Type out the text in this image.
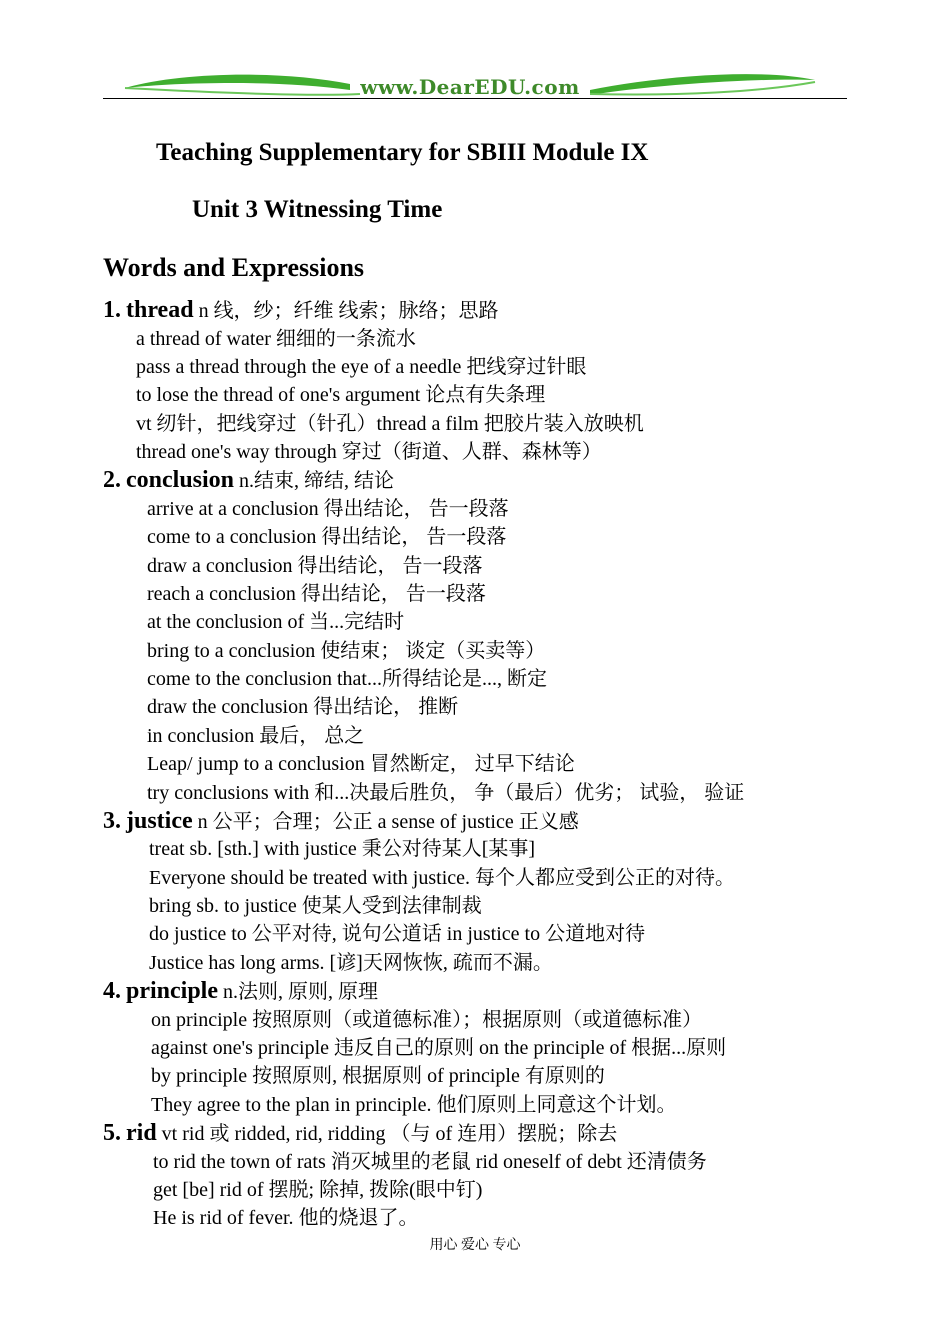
www.DearEDU.com
Teaching Supplementary for SBIII Module IX
Unit 3 Witnessing Time
Words and Expressions
1. thread n 线，纱；纤维 线索；脉络；思路
a thread of water 细细的一条流水
pass a thread through the eye of a needle 把线穿过针眼
to lose the thread of one's argument 论点有失条理
vt 纫针，把线穿过（针孔）thread a film 把胶片装入放映机
thread one's way through 穿过（街道、人群、森林等）
2. conclusion n.结束, 缔结, 结论
arrive at a conclusion 得出结论， 告一段落
come to a conclusion 得出结论， 告一段落
draw a conclusion 得出结论， 告一段落
reach a conclusion 得出结论， 告一段落
at the conclusion of 当...完结时
bring to a conclusion 使结束； 谈定（买卖等）
come to the conclusion that...所得结论是..., 断定
draw the conclusion 得出结论， 推断
in conclusion 最后， 总之
Leap/ jump to a conclusion 冒然断定， 过早下结论
try conclusions with 和...决最后胜负， 争（最后）优劣； 试验， 验证
3. justice n 公平；合理；公正 a sense of justice 正义感
treat sb. [sth.] with justice 秉公对待某人[某事]
Everyone should be treated with justice. 每个人都应受到公正的对待。
bring sb. to justice 使某人受到法律制裁
do justice to 公平对待, 说句公道话 in justice to 公道地对待
Justice has long arms. [谚]天网恢恢, 疏而不漏。
4. principle n.法则, 原则, 原理
on principle 按照原则（或道德标准）；根据原则（或道德标准）
against one's principle 违反自己的原则 on the principle of 根据...原则
by principle 按照原则, 根据原则 of principle 有原则的
They agree to the plan in principle. 他们原则上同意这个计划。
5. rid vt rid 或 ridded, rid, ridding （与 of 连用）摆脱；除去
to rid the town of rats 消灭城里的老鼠 rid oneself of debt 还清债务
get [be] rid of 摆脱; 除掉, 拨除(眼中钉)
He is rid of fever. 他的烧退了。
用心 爱心 专心
